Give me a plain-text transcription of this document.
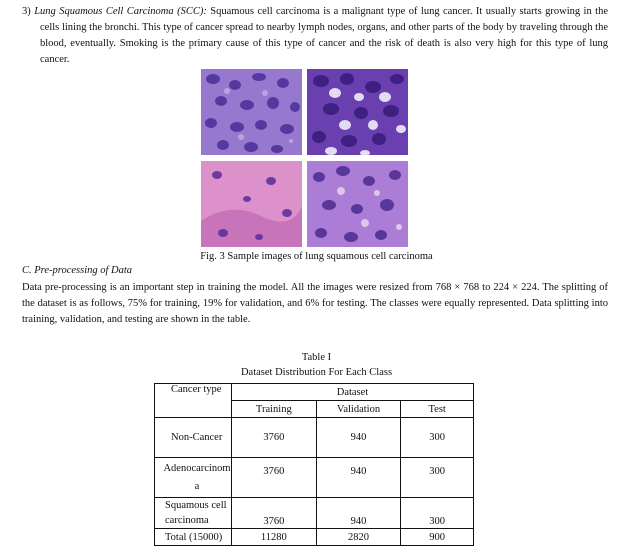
3) Lung Squamous Cell Carcinoma (SCC): Squamous cell carcinoma is a malignant type of lung cancer. It usually starts growing in the cells lining the bronchi. This type of cancer spread to nearby lymph nodes, organs, and other parts of the body by traveling through the blood, eventually. Smoking is the primary cause of this type of cancer and the risk of death is also very high for this type of lung cancer.
Fig. 3 Sample images of lung squamous cell carcinoma
C. Pre-processing of Data
Data pre-processing is an important step in training the model. All the images were resized from 768 × 768 to 224 × 224. The splitting of the dataset is as follows, 75% for training, 19% for validation, and 6% for testing. The classes were equally represented. Data splitting into training, validation, and testing are shown in the table.
Table I
Dataset Distribution For Each Class
Cancer type	Dataset		
	Training	Validation	Test
Non-Cancer	3760	940	300
Adenocarcinom
a	3760	940	300
Squamous cell
carcinoma	3760	940	300
Total (15000)	11280	2820	900
